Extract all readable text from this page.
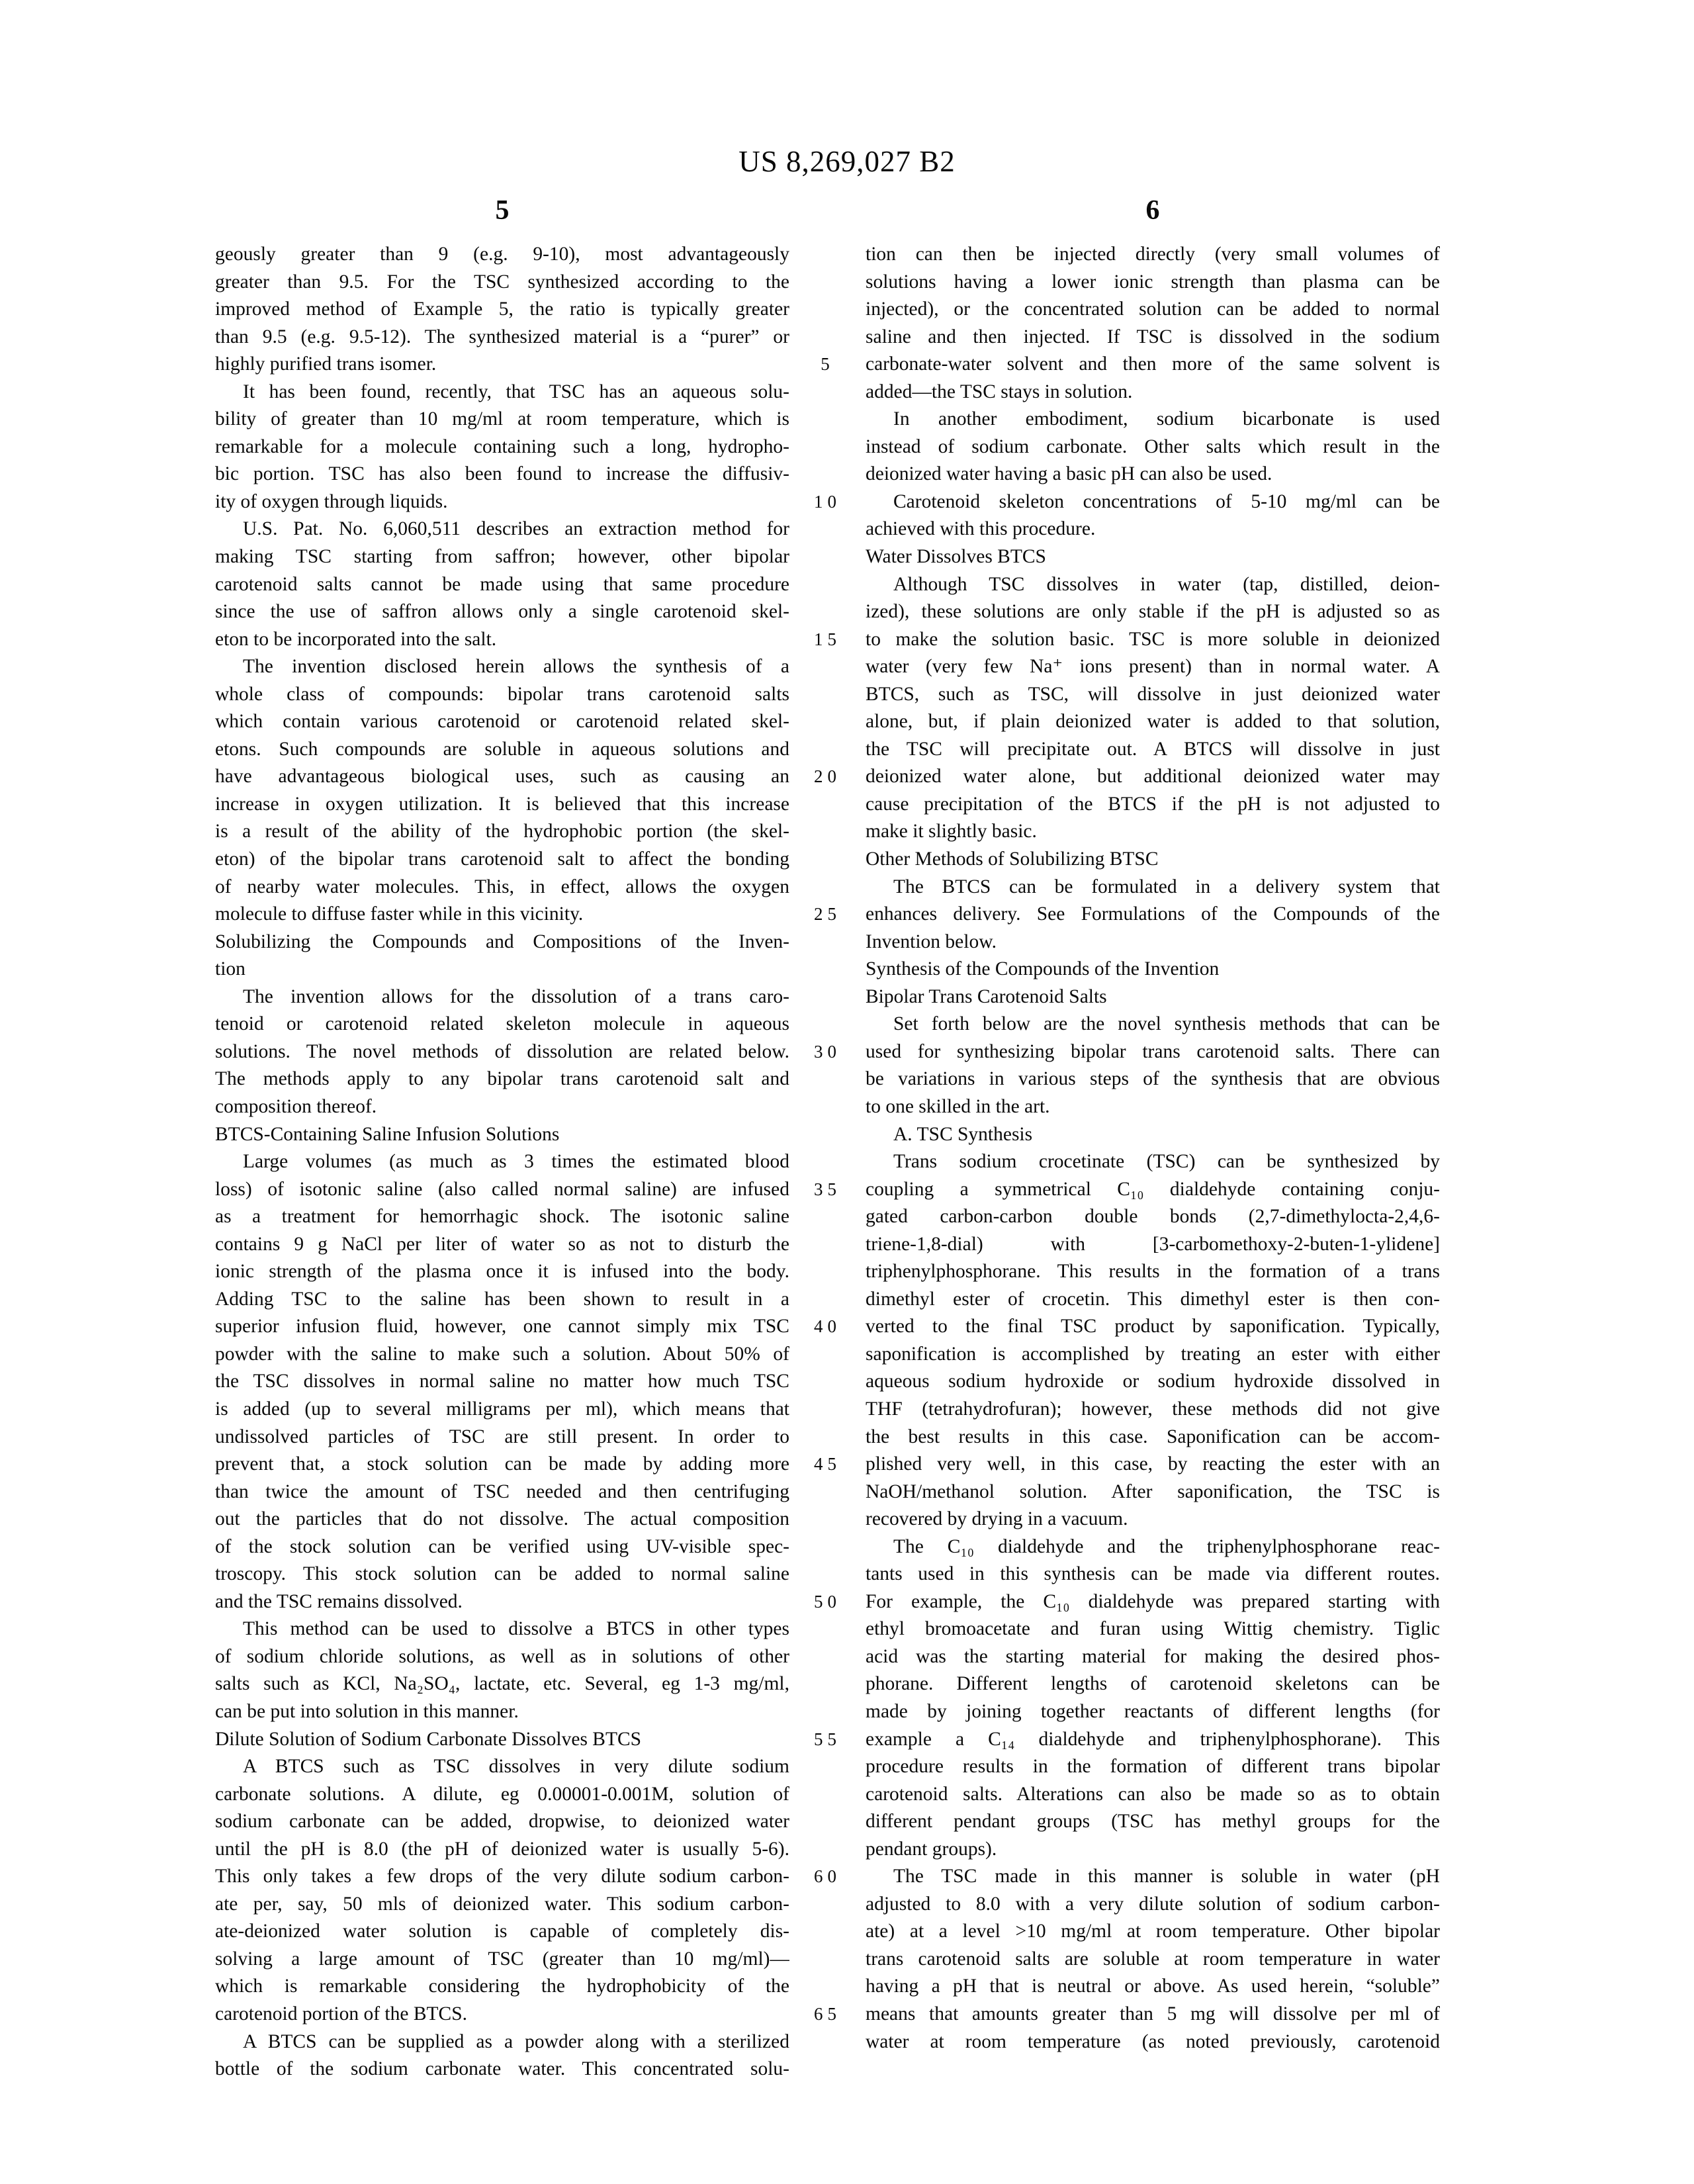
US 8,269,027 B2
5	6
5
10
15
20
25
30
35
40
45
50
55
60
65
geously greater than 9 (e.g. 9-10), most advantageously
greater than 9.5. For the TSC synthesized according to the
improved method of Example 5, the ratio is typically greater
than 9.5 (e.g. 9.5-12). The synthesized material is a “purer” or
highly purified trans isomer.
It has been found, recently, that TSC has an aqueous solu-
bility of greater than 10 mg/ml at room temperature, which is
remarkable for a molecule containing such a long, hydropho-
bic portion. TSC has also been found to increase the diffusiv-
ity of oxygen through liquids.
U.S. Pat. No. 6,060,511 describes an extraction method for
making TSC starting from saffron; however, other bipolar
carotenoid salts cannot be made using that same procedure
since the use of saffron allows only a single carotenoid skel-
eton to be incorporated into the salt.
The invention disclosed herein allows the synthesis of a
whole class of compounds: bipolar trans carotenoid salts
which contain various carotenoid or carotenoid related skel-
etons. Such compounds are soluble in aqueous solutions and
have advantageous biological uses, such as causing an
increase in oxygen utilization. It is believed that this increase
is a result of the ability of the hydrophobic portion (the skel-
eton) of the bipolar trans carotenoid salt to affect the bonding
of nearby water molecules. This, in effect, allows the oxygen
molecule to diffuse faster while in this vicinity.
Solubilizing the Compounds and Compositions of the Inven-
tion
The invention allows for the dissolution of a trans caro-
tenoid or carotenoid related skeleton molecule in aqueous
solutions. The novel methods of dissolution are related below.
The methods apply to any bipolar trans carotenoid salt and
composition thereof.
BTCS-Containing Saline Infusion Solutions
Large volumes (as much as 3 times the estimated blood
loss) of isotonic saline (also called normal saline) are infused
as a treatment for hemorrhagic shock. The isotonic saline
contains 9 g NaCl per liter of water so as not to disturb the
ionic strength of the plasma once it is infused into the body.
Adding TSC to the saline has been shown to result in a
superior infusion fluid, however, one cannot simply mix TSC
powder with the saline to make such a solution. About 50% of
the TSC dissolves in normal saline no matter how much TSC
is added (up to several milligrams per ml), which means that
undissolved particles of TSC are still present. In order to
prevent that, a stock solution can be made by adding more
than twice the amount of TSC needed and then centrifuging
out the particles that do not dissolve. The actual composition
of the stock solution can be verified using UV-visible spec-
troscopy. This stock solution can be added to normal saline
and the TSC remains dissolved.
This method can be used to dissolve a BTCS in other types
of sodium chloride solutions, as well as in solutions of other
salts such as KCl, Na₂SO₄, lactate, etc. Several, eg 1-3 mg/ml,
can be put into solution in this manner.
Dilute Solution of Sodium Carbonate Dissolves BTCS
A BTCS such as TSC dissolves in very dilute sodium
carbonate solutions. A dilute, eg 0.00001-0.001M, solution of
sodium carbonate can be added, dropwise, to deionized water
until the pH is 8.0 (the pH of deionized water is usually 5-6).
This only takes a few drops of the very dilute sodium carbon-
ate per, say, 50 mls of deionized water. This sodium carbon-
ate-deionized water solution is capable of completely dis-
solving a large amount of TSC (greater than 10 mg/ml)—
which is remarkable considering the hydrophobicity of the
carotenoid portion of the BTCS.
A BTCS can be supplied as a powder along with a sterilized
bottle of the sodium carbonate water. This concentrated solu-
tion can then be injected directly (very small volumes of
solutions having a lower ionic strength than plasma can be
injected), or the concentrated solution can be added to normal
saline and then injected. If TSC is dissolved in the sodium
carbonate-water solvent and then more of the same solvent is
added—the TSC stays in solution.
In another embodiment, sodium bicarbonate is used
instead of sodium carbonate. Other salts which result in the
deionized water having a basic pH can also be used.
Carotenoid skeleton concentrations of 5-10 mg/ml can be
achieved with this procedure.
Water Dissolves BTCS
Although TSC dissolves in water (tap, distilled, deion-
ized), these solutions are only stable if the pH is adjusted so as
to make the solution basic. TSC is more soluble in deionized
water (very few Na⁺ ions present) than in normal water. A
BTCS, such as TSC, will dissolve in just deionized water
alone, but, if plain deionized water is added to that solution,
the TSC will precipitate out. A BTCS will dissolve in just
deionized water alone, but additional deionized water may
cause precipitation of the BTCS if the pH is not adjusted to
make it slightly basic.
Other Methods of Solubilizing BTSC
The BTCS can be formulated in a delivery system that
enhances delivery. See Formulations of the Compounds of the
Invention below.
Synthesis of the Compounds of the Invention
Bipolar Trans Carotenoid Salts
Set forth below are the novel synthesis methods that can be
used for synthesizing bipolar trans carotenoid salts. There can
be variations in various steps of the synthesis that are obvious
to one skilled in the art.
A. TSC Synthesis
Trans sodium crocetinate (TSC) can be synthesized by
coupling a symmetrical C₁₀ dialdehyde containing conju-
gated carbon-carbon double bonds (2,7-dimethylocta-2,4,6-
triene-1,8-dial) with [3-carbomethoxy-2-buten-1-ylidene]
triphenylphosphorane. This results in the formation of a trans
dimethyl ester of crocetin. This dimethyl ester is then con-
verted to the final TSC product by saponification. Typically,
saponification is accomplished by treating an ester with either
aqueous sodium hydroxide or sodium hydroxide dissolved in
THF (tetrahydrofuran); however, these methods did not give
the best results in this case. Saponification can be accom-
plished very well, in this case, by reacting the ester with an
NaOH/methanol solution. After saponification, the TSC is
recovered by drying in a vacuum.
The C₁₀ dialdehyde and the triphenylphosphorane reac-
tants used in this synthesis can be made via different routes.
For example, the C₁₀ dialdehyde was prepared starting with
ethyl bromoacetate and furan using Wittig chemistry. Tiglic
acid was the starting material for making the desired phos-
phorane. Different lengths of carotenoid skeletons can be
made by joining together reactants of different lengths (for
example a C₁₄ dialdehyde and triphenylphosphorane). This
procedure results in the formation of different trans bipolar
carotenoid salts. Alterations can also be made so as to obtain
different pendant groups (TSC has methyl groups for the
pendant groups).
The TSC made in this manner is soluble in water (pH
adjusted to 8.0 with a very dilute solution of sodium carbon-
ate) at a level >10 mg/ml at room temperature. Other bipolar
trans carotenoid salts are soluble at room temperature in water
having a pH that is neutral or above. As used herein, “soluble”
means that amounts greater than 5 mg will dissolve per ml of
water at room temperature (as noted previously, carotenoid
